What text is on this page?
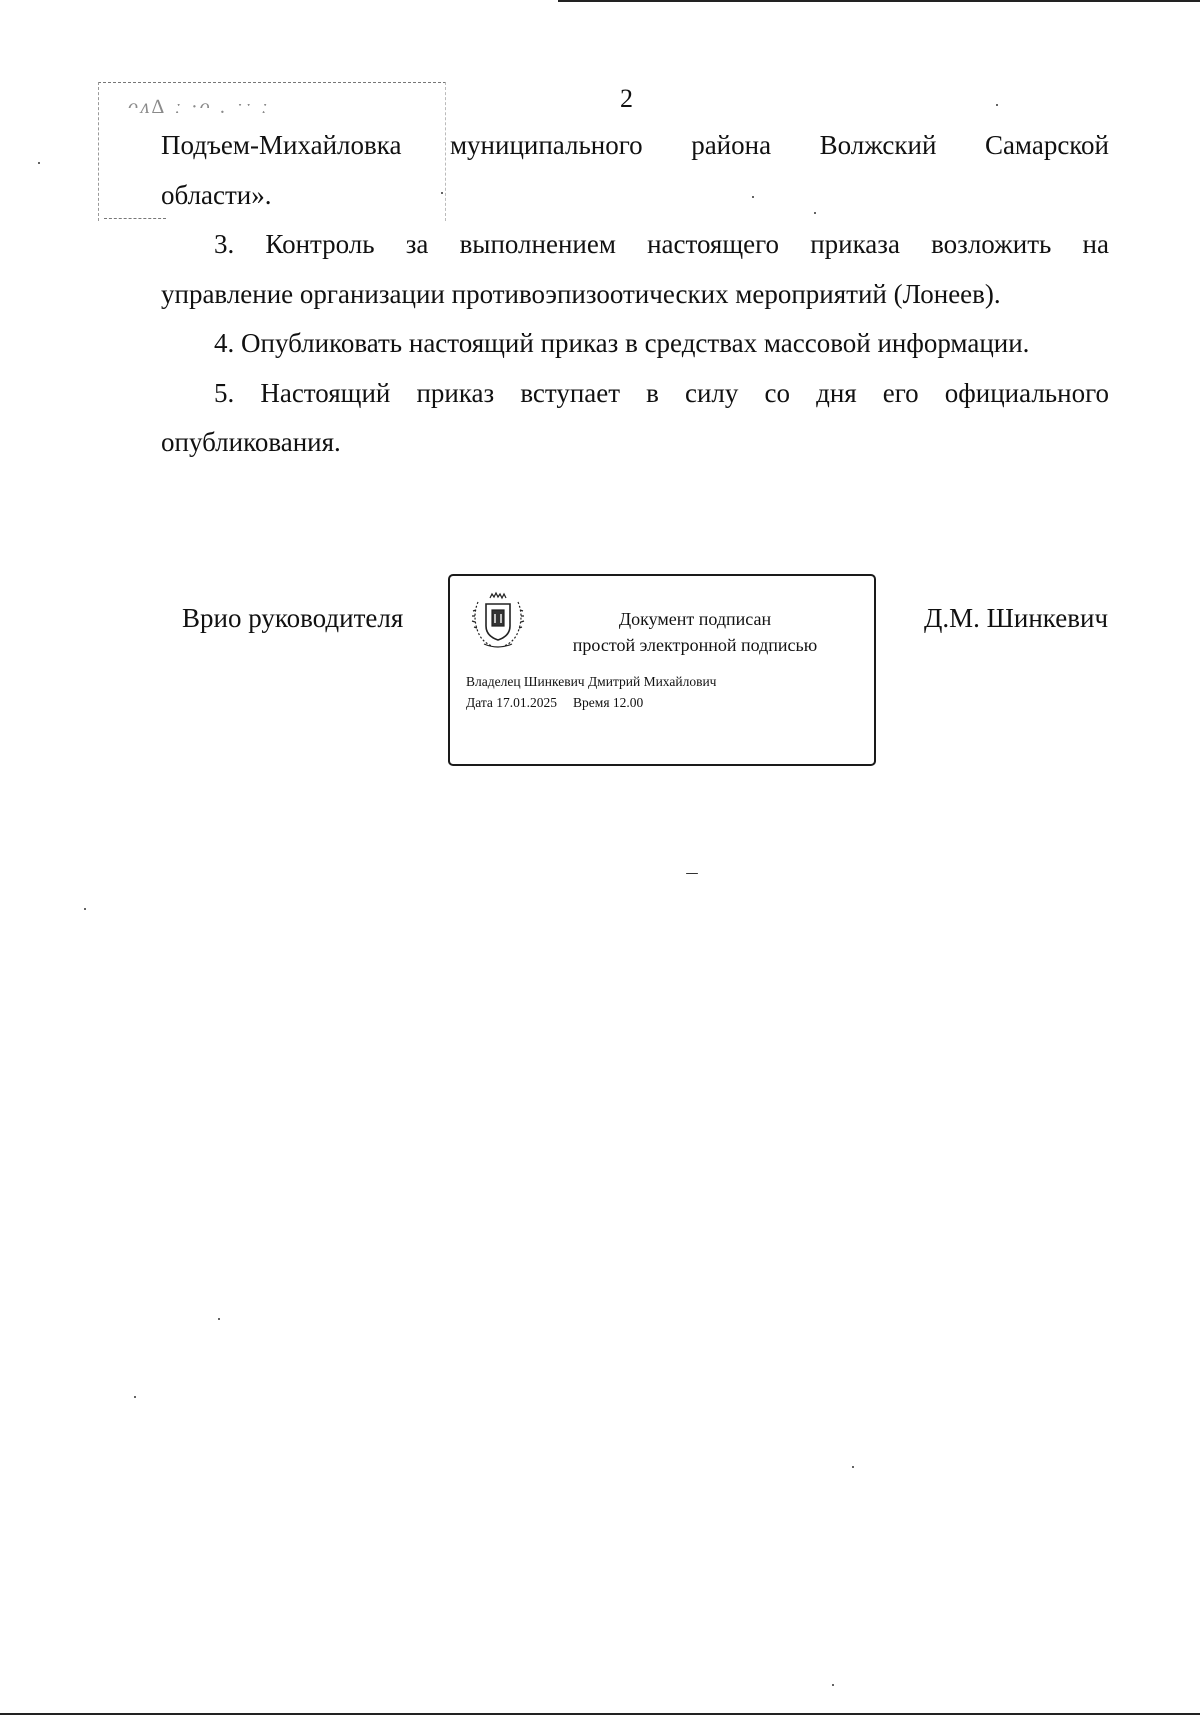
ᴖᴧ∆ ː ·ᴖ . ˑˑ ː	2
Подъем-Михайловка муниципального района Волжский Самарской
области».
3. Контроль за выполнением настоящего приказа возложить на
управление организации противоэпизоотических мероприятий (Лонеев).
4. Опубликовать настоящий приказ в средствах массовой информации.
5. Настоящий приказ вступает в силу со дня его официального
опубликования.
Врио руководителя	Документ подписан
простой электронной подписью
Владелец Шинкевич Дмитрий Михайлович
Дата 17.01.2025 Время 12.00
Д.М. Шинкевич
